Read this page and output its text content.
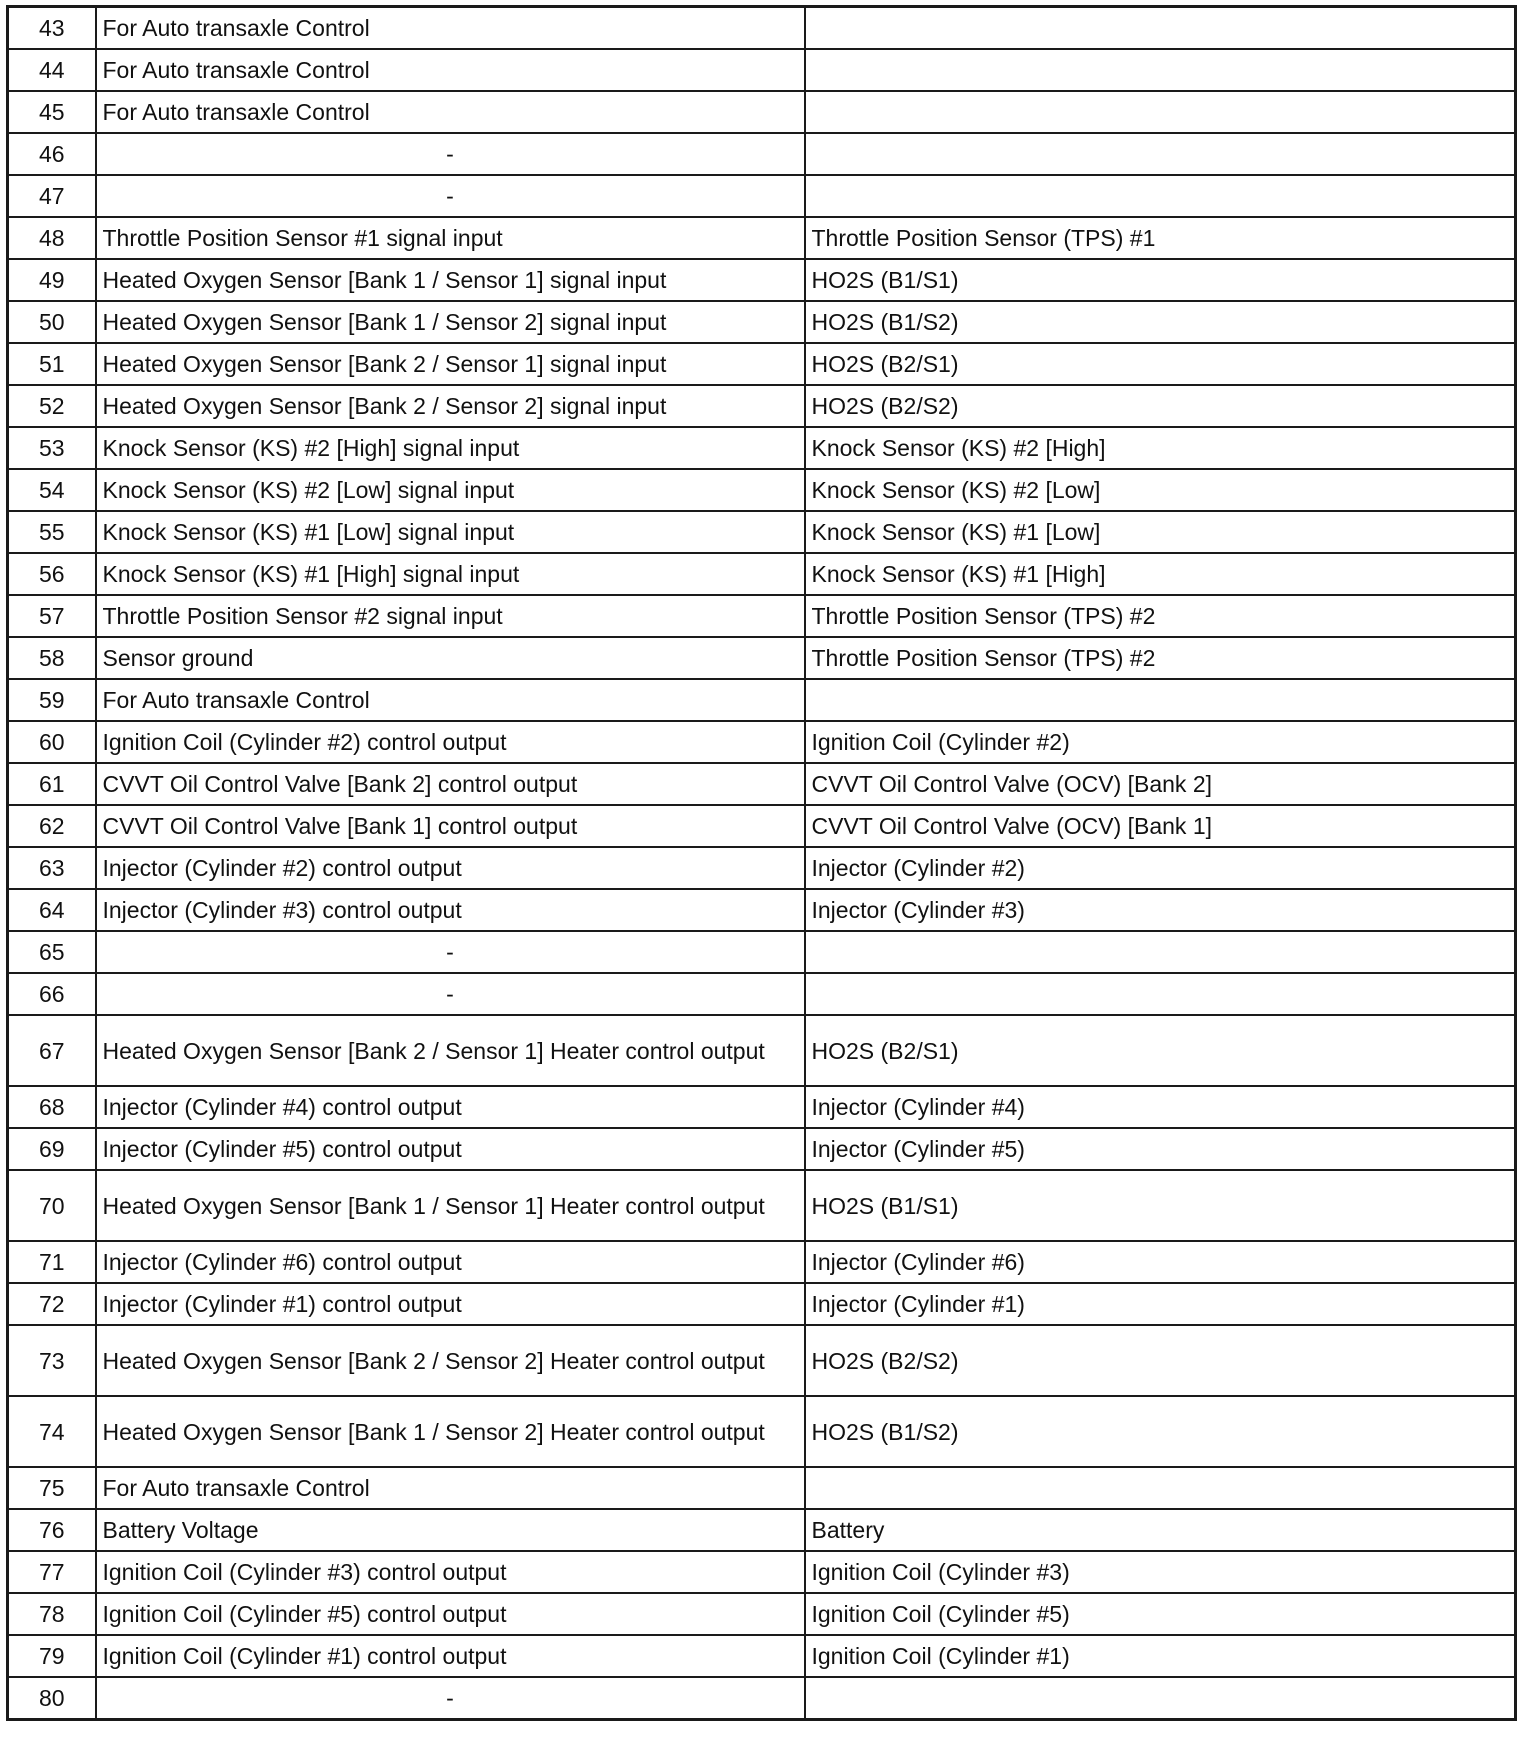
43	For Auto transaxle Control	
44	For Auto transaxle Control	
45	For Auto transaxle Control	
46	-	
47	-	
48	Throttle Position Sensor #1 signal input	Throttle Position Sensor (TPS) #1
49	Heated Oxygen Sensor [Bank 1 / Sensor 1] signal input	HO2S (B1/S1)
50	Heated Oxygen Sensor [Bank 1 / Sensor 2] signal input	HO2S (B1/S2)
51	Heated Oxygen Sensor [Bank 2 / Sensor 1] signal input	HO2S (B2/S1)
52	Heated Oxygen Sensor [Bank 2 / Sensor 2] signal input	HO2S (B2/S2)
53	Knock Sensor (KS) #2 [High] signal input	Knock Sensor (KS) #2 [High]
54	Knock Sensor (KS) #2 [Low] signal input	Knock Sensor (KS) #2 [Low]
55	Knock Sensor (KS) #1 [Low] signal input	Knock Sensor (KS) #1 [Low]
56	Knock Sensor (KS) #1 [High] signal input	Knock Sensor (KS) #1 [High]
57	Throttle Position Sensor #2 signal input	Throttle Position Sensor (TPS) #2
58	Sensor ground	Throttle Position Sensor (TPS) #2
59	For Auto transaxle Control	
60	Ignition Coil (Cylinder #2) control output	Ignition Coil (Cylinder #2)
61	CVVT Oil Control Valve [Bank 2] control output	CVVT Oil Control Valve (OCV) [Bank 2]
62	CVVT Oil Control Valve [Bank 1] control output	CVVT Oil Control Valve (OCV) [Bank 1]
63	Injector (Cylinder #2) control output	Injector (Cylinder #2)
64	Injector (Cylinder #3) control output	Injector (Cylinder #3)
65	-	
66	-	
67	Heated Oxygen Sensor [Bank 2 / Sensor 1] Heater control output	HO2S (B2/S1)
68	Injector (Cylinder #4) control output	Injector (Cylinder #4)
69	Injector (Cylinder #5) control output	Injector (Cylinder #5)
70	Heated Oxygen Sensor [Bank 1 / Sensor 1] Heater control output	HO2S (B1/S1)
71	Injector (Cylinder #6) control output	Injector (Cylinder #6)
72	Injector (Cylinder #1) control output	Injector (Cylinder #1)
73	Heated Oxygen Sensor [Bank 2 / Sensor 2] Heater control output	HO2S (B2/S2)
74	Heated Oxygen Sensor [Bank 1 / Sensor 2] Heater control output	HO2S (B1/S2)
75	For Auto transaxle Control	
76	Battery Voltage	Battery
77	Ignition Coil (Cylinder #3) control output	Ignition Coil (Cylinder #3)
78	Ignition Coil (Cylinder #5) control output	Ignition Coil (Cylinder #5)
79	Ignition Coil (Cylinder #1) control output	Ignition Coil (Cylinder #1)
80	-	
